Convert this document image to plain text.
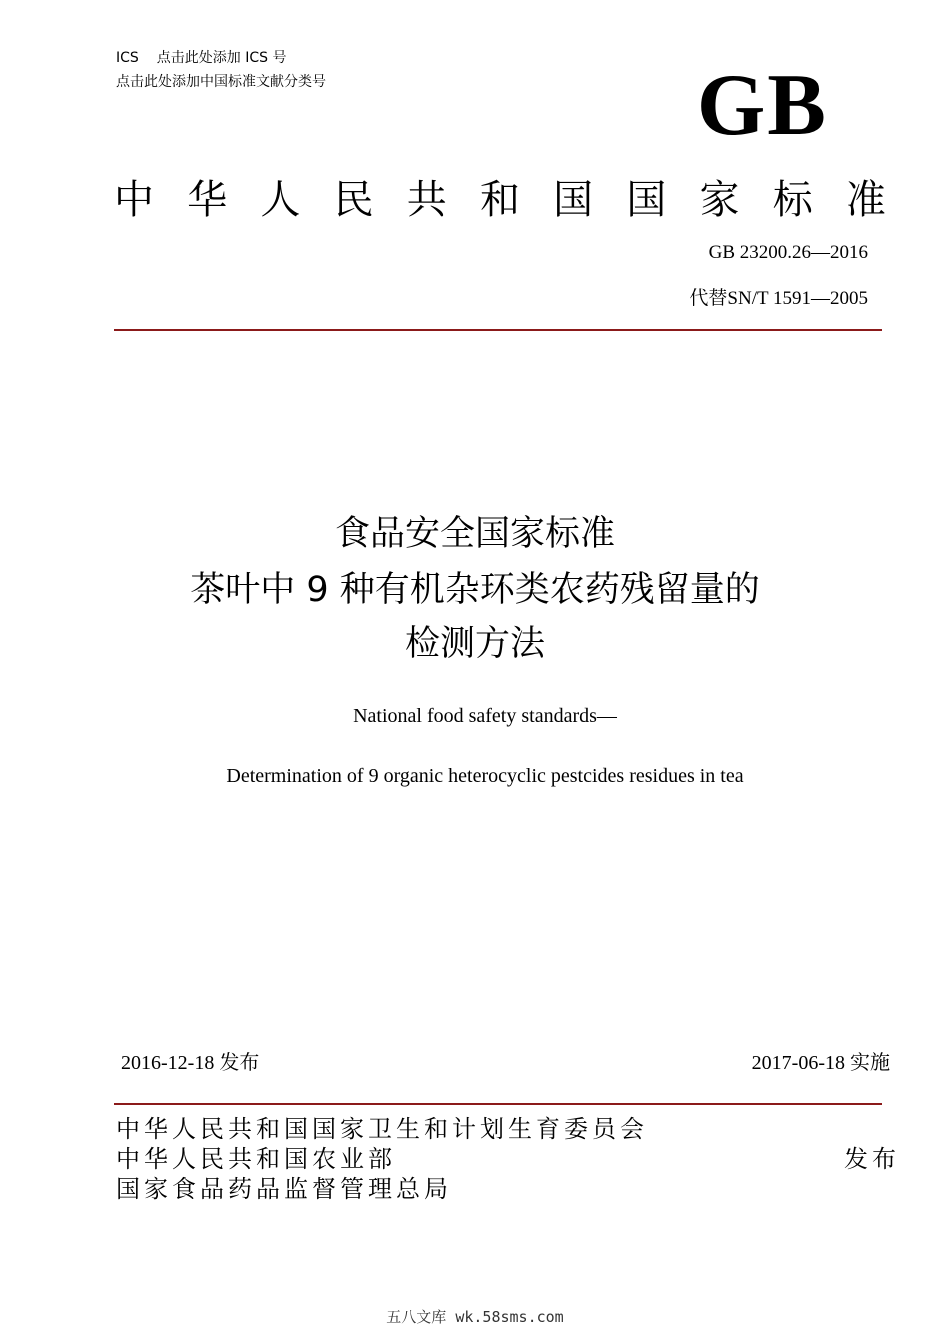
ICS 点击此处添加 ICS 号
点击此处添加中国标准文献分类号	GB
中 华 人 民 共 和 国 国 家 标 准
GB 23200.26—2016
代替SN/T 1591—2005
食品安全国家标准
茶叶中 9 种有机杂环类农药残留量的
检测方法
National food safety standards—
Determination of 9 organic heterocyclic pestcides residues in tea
2016-12-18 发布	2017-06-18 实施
中华人民共和国国家卫生和计划生育委员会
中华人民共和国农业部
国家食品药品监督管理总局
发布
五八文库 wk.58sms.com
